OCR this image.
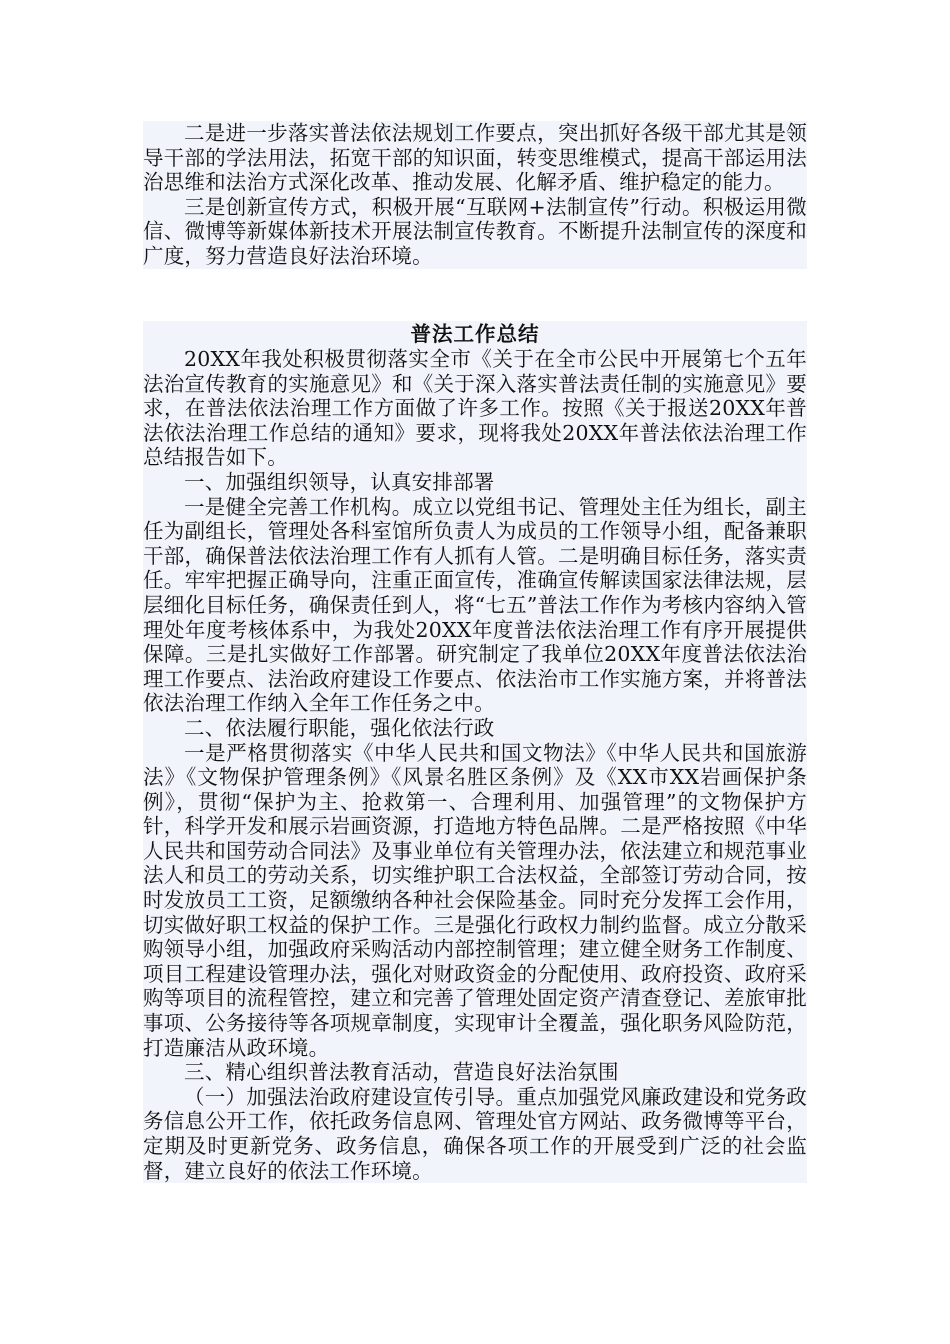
二是进一步落实普法依法规划工作要点，突出抓好各级干部尤其是领导干部的学法用法，拓宽干部的知识面，转变思维模式，提高干部运用法治思维和法治方式深化改革、推动发展、化解矛盾、维护稳定的能力。

三是创新宣传方式，积极开展“互联网+法制宣传”行动。积极运用微信、微博等新媒体新技术开展法制宣传教育。不断提升法制宣传的深度和广度，努力营造良好法治环境。

普法工作总结

20XX年我处积极贯彻落实全市《关于在全市公民中开展第七个五年法治宣传教育的实施意见》和《关于深入落实普法责任制的实施意见》要求，在普法依法治理工作方面做了许多工作。按照《关于报送20XX年普法依法治理工作总结的通知》要求，现将我处20XX年普法依法治理工作总结报告如下。

一、加强组织领导，认真安排部署

一是健全完善工作机构。成立以党组书记、管理处主任为组长，副主任为副组长，管理处各科室馆所负责人为成员的工作领导小组，配备兼职干部，确保普法依法治理工作有人抓有人管。二是明确目标任务，落实责任。牢牢把握正确导向，注重正面宣传，准确宣传解读国家法律法规，层层细化目标任务，确保责任到人，将“七五”普法工作作为考核内容纳入管理处年度考核体系中，为我处20XX年度普法依法治理工作有序开展提供保障。三是扎实做好工作部署。研究制定了我单位20XX年度普法依法治理工作要点、法治政府建设工作要点、依法治市工作实施方案，并将普法依法治理工作纳入全年工作任务之中。

二、依法履行职能，强化依法行政

一是严格贯彻落实《中华人民共和国文物法》《中华人民共和国旅游法》《文物保护管理条例》《风景名胜区条例》及《XX市XX岩画保护条例》，贯彻“保护为主、抢救第一、合理利用、加强管理”的文物保护方针，科学开发和展示岩画资源，打造地方特色品牌。二是严格按照《中华人民共和国劳动合同法》及事业单位有关管理办法，依法建立和规范事业法人和员工的劳动关系，切实维护职工合法权益，全部签订劳动合同，按时发放员工工资，足额缴纳各种社会保险基金。同时充分发挥工会作用，切实做好职工权益的保护工作。三是强化行政权力制约监督。成立分散采购领导小组，加强政府采购活动内部控制管理；建立健全财务工作制度、项目工程建设管理办法，强化对财政资金的分配使用、政府投资、政府采购等项目的流程管控，建立和完善了管理处固定资产清查登记、差旅审批事项、公务接待等各项规章制度，实现审计全覆盖，强化职务风险防范，打造廉洁从政环境。

三、精心组织普法教育活动，营造良好法治氛围

（一）加强法治政府建设宣传引导。重点加强党风廉政建设和党务政务信息公开工作，依托政务信息网、管理处官方网站、政务微博等平台，定期及时更新党务、政务信息，确保各项工作的开展受到广泛的社会监督，建立良好的依法工作环境。
